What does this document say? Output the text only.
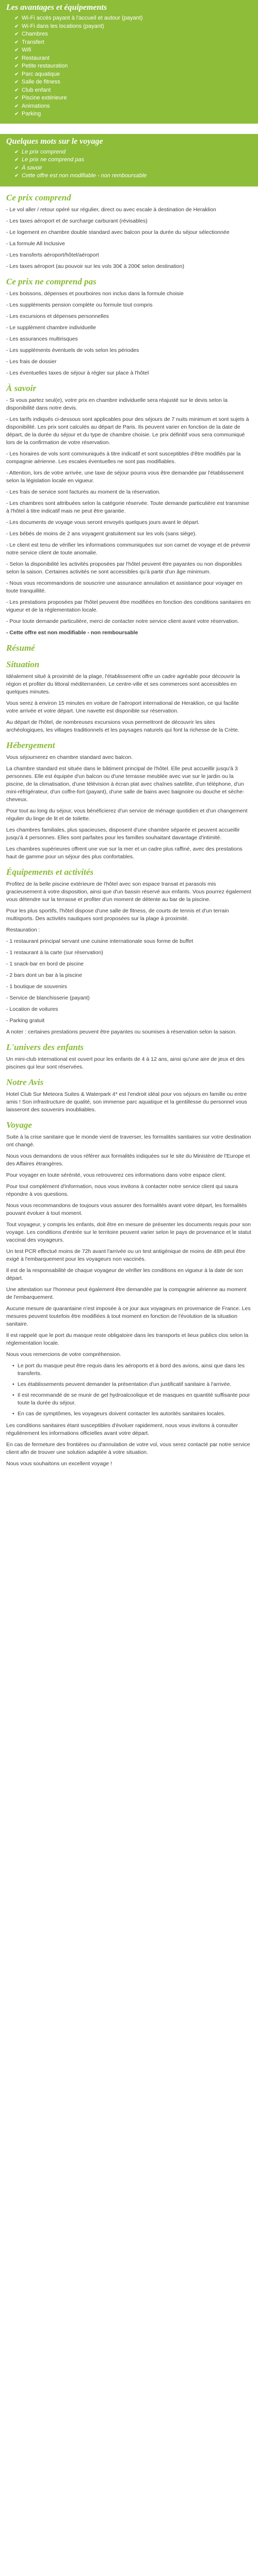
Les avantages et équipements
✔ Wi-Fi accès payant à l'accueil et autour (payant)
✔ Wi-Fi dans les locations (payant)
✔ Chambres
✔ Transfert
✔ Wifi
✔ Restaurant
✔ Petite restauration
✔ Parc aquatique
✔ Salle de fitness
✔ Club enfant
✔ Piscine extérieure
✔ Animations
✔ Parking
Quelques mots sur le voyage
✔ Le prix comprend
✔ Le prix ne comprend pas
✔ À savoir
✔ Cette offre est non modifiable - non remboursable
Ce prix comprend

- Le vol aller / retour opéré sur régulier, direct ou avec escale à destination de Heraklion

- Les taxes aéroport et de surcharge carburant (révisables)

- Le logement en chambre double standard avec balcon pour la durée du séjour sélectionnée

- La formule All Inclusive

- Les transferts aéroport/hôtel/aéroport

- Les taxes aéroport (au pouvoir sur les vols 30€ à 200€ selon destination)

Ce prix ne comprend pas

- Les boissons, dépenses et pourboires non inclus dans la formule choisie

- Les suppléments pension complète ou formule tout compris

- Les excursions et dépenses personnelles

- Le supplément chambre individuelle

- Les assurances multirisques

- Les suppléments éventuels de vols selon les périodes

- Les frais de dossier

- Les éventuelles taxes de séjour à régler sur place à l'hôtel

À savoir

- Si vous partez seul(e), votre prix en chambre individuelle sera réajusté sur le devis selon la disponibilité dans notre devis.

- Les tarifs indiqués ci-dessous sont applicables pour des séjours de 7 nuits minimum et sont sujets à disponibilité. Les prix sont calculés au départ de Paris. Ils peuvent varier en fonction de la date de départ, de la durée du séjour et du type de chambre choisie. Le prix définitif vous sera communiqué lors de la confirmation de votre réservation.

- Les horaires de vols sont communiqués à titre indicatif et sont susceptibles d'être modifiés par la compagnie aérienne. Les escales éventuelles ne sont pas modifiables.

- Attention, lors de votre arrivée, une taxe de séjour pourra vous être demandée par l'établissement selon la législation locale en vigueur.

- Les frais de service sont facturés au moment de la réservation.

- Les chambres sont attribuées selon la catégorie réservée. Toute demande particulière est transmise à l'hôtel à titre indicatif mais ne peut être garantie.

- Les documents de voyage vous seront envoyés quelques jours avant le départ.

- Les bébés de moins de 2 ans voyagent gratuitement sur les vols (sans siège).

- Le client est tenu de vérifier les informations communiquées sur son carnet de voyage et de prévenir notre service client de toute anomalie.

- Selon la disponibilité les activités proposées par l'hôtel peuvent être payantes ou non disponibles selon la saison. Certaines activités ne sont accessibles qu'à partir d'un âge minimum.

- Nous vous recommandons de souscrire une assurance annulation et assistance pour voyager en toute tranquillité.

- Les prestations proposées par l'hôtel peuvent être modifiées en fonction des conditions sanitaires en vigueur et de la réglementation locale.

- Pour toute demande particulière, merci de contacter notre service client avant votre réservation.

- Cette offre est non modifiable - non remboursable

Résumé
Situation

Idéalement situé à proximité de la plage, l'établissement offre un cadre agréable pour découvrir la région et profiter du littoral méditerranéen. Le centre-ville et ses commerces sont accessibles en quelques minutes.

Vous serez à environ 15 minutes en voiture de l'aéroport international de Heraklion, ce qui facilite votre arrivée et votre départ. Une navette est disponible sur réservation.

Au départ de l'hôtel, de nombreuses excursions vous permettront de découvrir les sites archéologiques, les villages traditionnels et les paysages naturels qui font la richesse de la Crète.

Hébergement

Vous séjournerez en chambre standard avec balcon.

La chambre standard est située dans le bâtiment principal de l'hôtel. Elle peut accueillir jusqu'à 3 personnes. Elle est équipée d'un balcon ou d'une terrasse meublée avec vue sur le jardin ou la piscine, de la climatisation, d'une télévision à écran plat avec chaînes satellite, d'un téléphone, d'un mini-réfrigérateur, d'un coffre-fort (payant), d'une salle de bains avec baignoire ou douche et sèche-cheveux.

Pour tout au long du séjour, vous bénéficierez d'un service de ménage quotidien et d'un changement régulier du linge de lit et de toilette.

Les chambres familiales, plus spacieuses, disposent d'une chambre séparée et peuvent accueillir jusqu'à 4 personnes. Elles sont parfaites pour les familles souhaitant davantage d'intimité.

Les chambres supérieures offrent une vue sur la mer et un cadre plus raffiné, avec des prestations haut de gamme pour un séjour des plus confortables.

Équipements et activités

Profitez de la belle piscine extérieure de l'hôtel avec son espace transat et parasols mis gracieusement à votre disposition, ainsi que d'un bassin réservé aux enfants. Vous pourrez également vous détendre sur la terrasse et profiter d'un moment de détente au bar de la piscine.

Pour les plus sportifs, l'hôtel dispose d'une salle de fitness, de courts de tennis et d'un terrain multisports. Des activités nautiques sont proposées sur la plage à proximité.

Restauration :

- 1 restaurant principal servant une cuisine internationale sous forme de buffet

- 1 restaurant à la carte (sur réservation)

- 1 snack-bar en bord de piscine

- 2 bars dont un bar à la piscine

- 1 boutique de souvenirs

- Service de blanchisserie (payant)

- Location de voitures

- Parking gratuit

A noter : certaines prestations peuvent être payantes ou soumises à réservation selon la saison.

L'univers des enfants

Un mini-club international est ouvert pour les enfants de 4 à 12 ans, ainsi qu'une aire de jeux et des piscines qui leur sont réservées.

Notre Avis

Hotel Club Sur Meteora Suites & Waterpark 4* est l'endroit idéal pour vos séjours en famille ou entre amis ! Son infrastructure de qualité, son immense parc aquatique et la gentillesse du personnel vous laisseront des souvenirs inoubliables.

Voyage

Suite à la crise sanitaire que le monde vient de traverser, les formalités sanitaires sur votre destination ont changé.

Nous vous demandons de vous référer aux formalités indiquées sur le site du Ministère de l'Europe et des Affaires étrangères.

Pour voyager en toute sérénité, vous retrouverez ces informations dans votre espace client.

Pour tout complément d'information, nous vous invitons à contacter notre service client qui saura répondre à vos questions.

Nous vous recommandons de toujours vous assurer des formalités avant votre départ, les formalités pouvant évoluer à tout moment.

Tout voyageur, y compris les enfants, doit être en mesure de présenter les documents requis pour son voyage. Les conditions d'entrée sur le territoire peuvent varier selon le pays de provenance et le statut vaccinal des voyageurs.

Un test PCR effectué moins de 72h avant l'arrivée ou un test antigénique de moins de 48h peut être exigé à l'embarquement pour les voyageurs non vaccinés.

Il est de la responsabilité de chaque voyageur de vérifier les conditions en vigueur à la date de son départ.

Une attestation sur l'honneur peut également être demandée par la compagnie aérienne au moment de l'embarquement.

Aucune mesure de quarantaine n'est imposée à ce jour aux voyageurs en provenance de France. Les mesures peuvent toutefois être modifiées à tout moment en fonction de l'évolution de la situation sanitaire.

Il est rappelé que le port du masque reste obligatoire dans les transports et lieux publics clos selon la réglementation locale.

Nous vous remercions de votre compréhension.

• Le port du masque peut être requis dans les aéroports et à bord des avions, ainsi que dans les transferts.
• Les établissements peuvent demander la présentation d'un justificatif sanitaire à l'arrivée.
• Il est recommandé de se munir de gel hydroalcoolique et de masques en quantité suffisante pour toute la durée du séjour.
• En cas de symptômes, les voyageurs doivent contacter les autorités sanitaires locales.

Les conditions sanitaires étant susceptibles d'évoluer rapidement, nous vous invitons à consulter régulièrement les informations officielles avant votre départ.

En cas de fermeture des frontières ou d'annulation de votre vol, vous serez contacté par notre service client afin de trouver une solution adaptée à votre situation.

Nous vous souhaitons un excellent voyage !
